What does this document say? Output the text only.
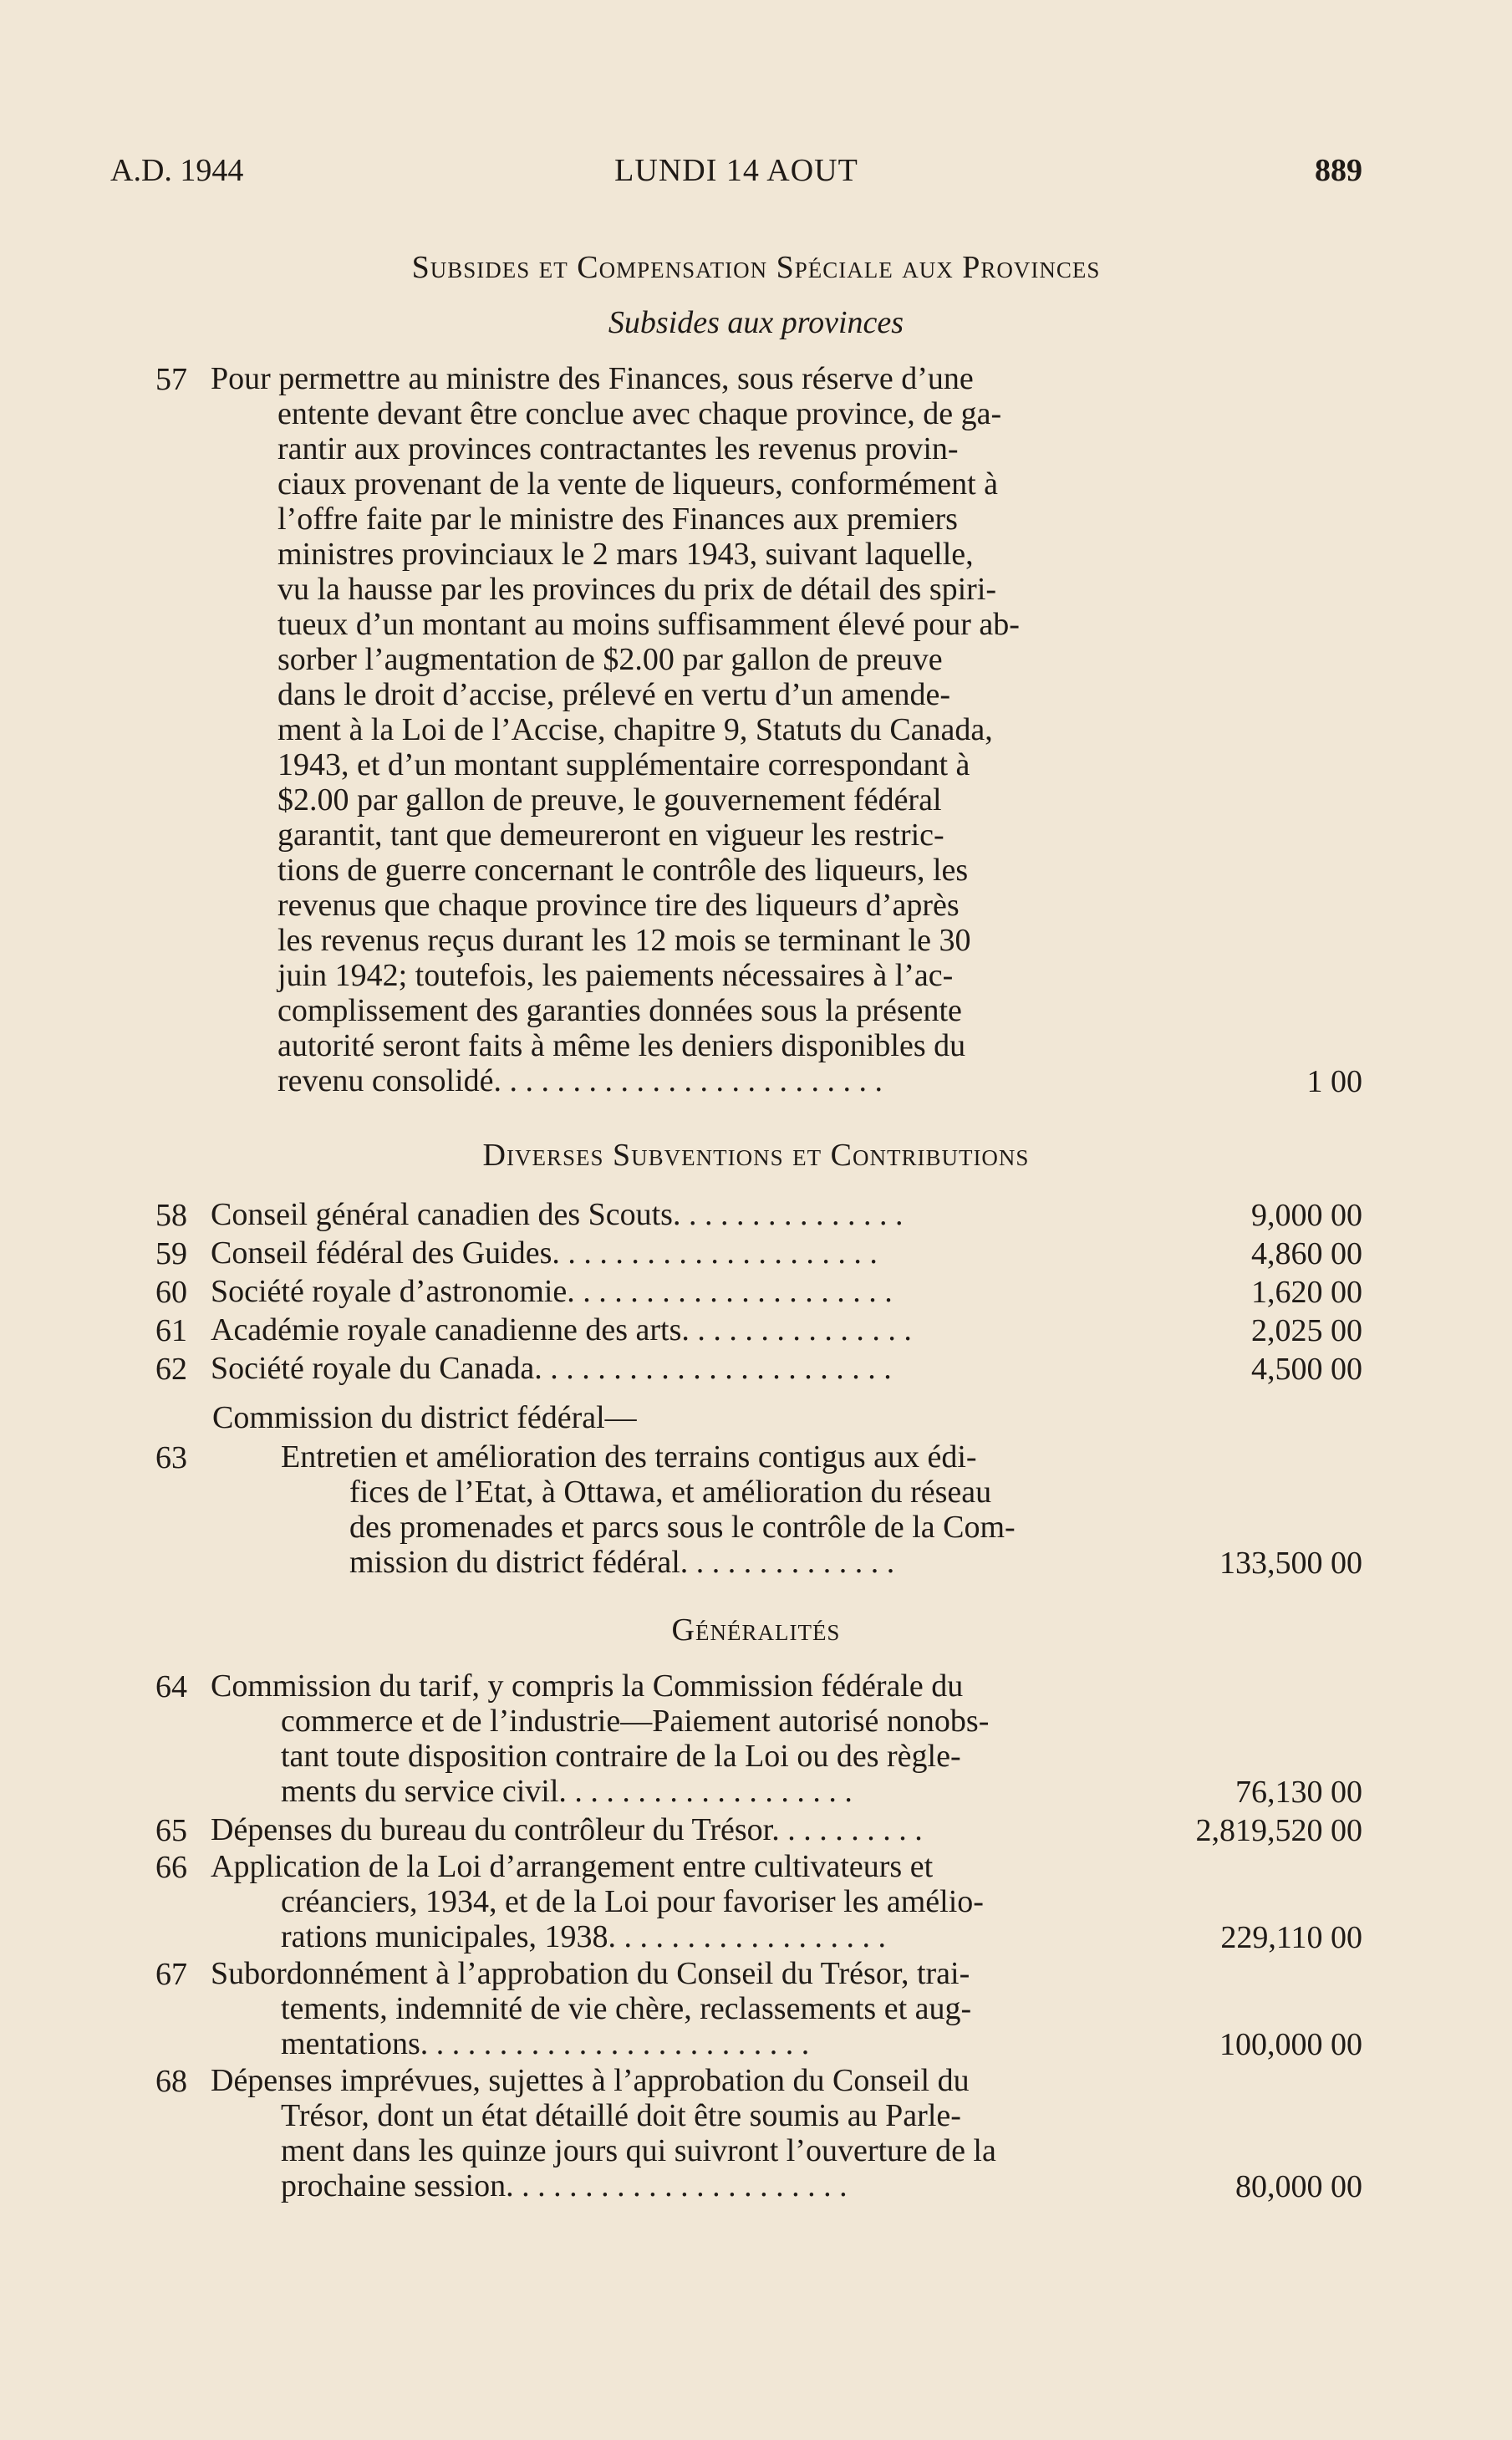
A.D. 1944	LUNDI 14 AOUT	889
Subsides et Compensation Spéciale aux Provinces
Subsides aux provinces
57 Pour permettre au ministre des Finances, sous réserve d’une
entente devant être conclue avec chaque province, de ga-
rantir aux provinces contractantes les revenus provin-
ciaux provenant de la vente de liqueurs, conformément à
l’offre faite par le ministre des Finances aux premiers
ministres provinciaux le 2 mars 1943, suivant laquelle,
vu la hausse par les provinces du prix de détail des spiri-
tueux d’un montant au moins suffisamment élevé pour ab-
sorber l’augmentation de $2.00 par gallon de preuve
dans le droit d’accise, prélevé en vertu d’un amende-
ment à la Loi de l’Accise, chapitre 9, Statuts du Canada,
1943, et d’un montant supplémentaire correspondant à
$2.00 par gallon de preuve, le gouvernement fédéral
garantit, tant que demeureront en vigueur les restric-
tions de guerre concernant le contrôle des liqueurs, les
revenus que chaque province tire des liqueurs d’après
les revenus reçus durant les 12 mois se terminant le 30
juin 1942; toutefois, les paiements nécessaires à l’ac-
complissement des garanties données sous la présente
autorité seront faits à même les deniers disponibles du
revenu consolidé. . . . . . . . . . . . . . . . . . . . . . . . .	1 00
Diverses Subventions et Contributions
58 Conseil général canadien des Scouts. . . . . . . . . . . . . . .	9,000 00
59 Conseil fédéral des Guides. . . . . . . . . . . . . . . . . . . . .	4,860 00
60 Société royale d’astronomie. . . . . . . . . . . . . . . . . . . . .	1,620 00
61 Académie royale canadienne des arts. . . . . . . . . . . . . . .	2,025 00
62 Société royale du Canada. . . . . . . . . . . . . . . . . . . . . . .	4,500 00
Commission du district fédéral—
63	Entretien et amélioration des terrains contigus aux édi-
fices de l’Etat, à Ottawa, et amélioration du réseau
des promenades et parcs sous le contrôle de la Com-
mission du district fédéral. . . . . . . . . . . . . .	133,500 00
Généralités
64 Commission du tarif, y compris la Commission fédérale du
commerce et de l’industrie—Paiement autorisé nonobs-
tant toute disposition contraire de la Loi ou des règle-
ments du service civil. . . . . . . . . . . . . . . . . . .	76,130 00
65 Dépenses du bureau du contrôleur du Trésor. . . . . . . . . .	2,819,520 00
66 Application de la Loi d’arrangement entre cultivateurs et
créanciers, 1934, et de la Loi pour favoriser les amélio-
rations municipales, 1938. . . . . . . . . . . . . . . . . .	229,110 00
67 Subordonnément à l’approbation du Conseil du Trésor, trai-
tements, indemnité de vie chère, reclassements et aug-
mentations. . . . . . . . . . . . . . . . . . . . . . . . .	100,000 00
68 Dépenses imprévues, sujettes à l’approbation du Conseil du
Trésor, dont un état détaillé doit être soumis au Parle-
ment dans les quinze jours qui suivront l’ouverture de la
prochaine session. . . . . . . . . . . . . . . . . . . . . .	80,000 00
